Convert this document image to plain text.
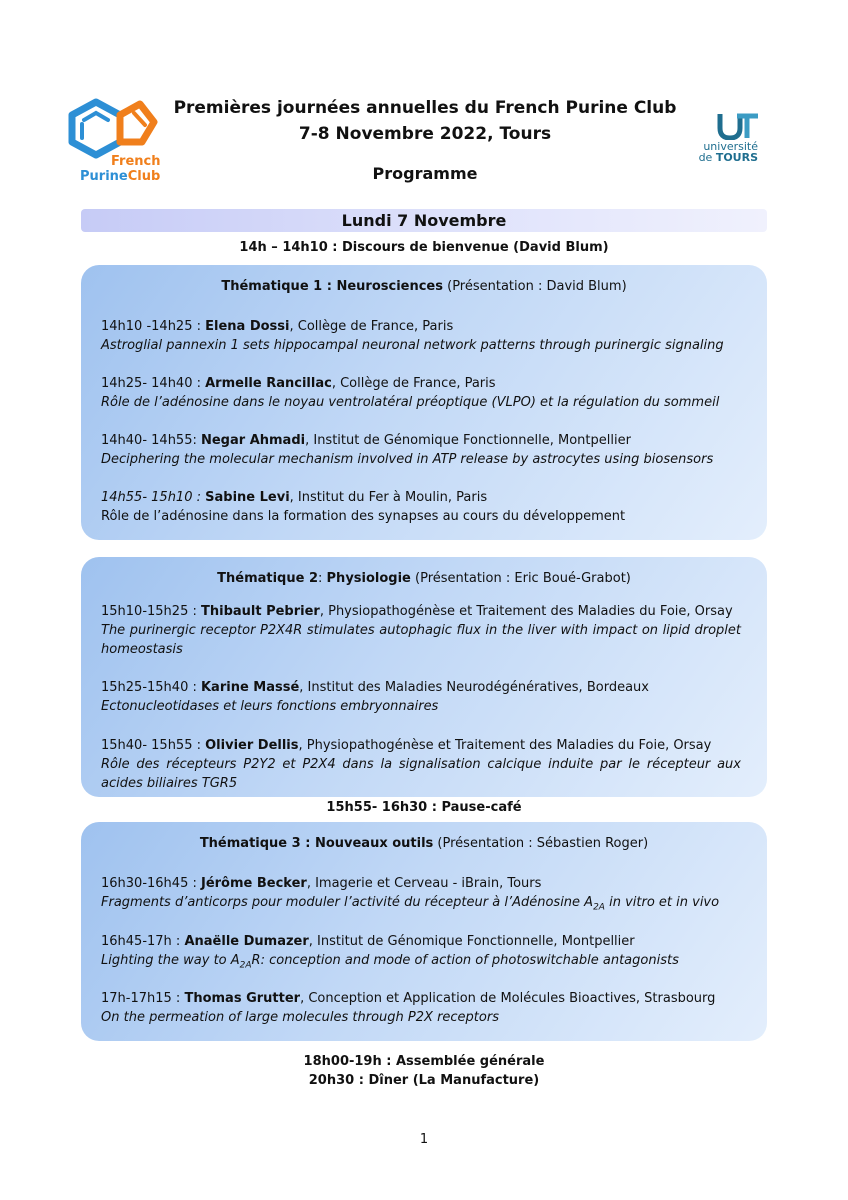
French
PurineClub
université
de TOURS
Premières journées annuelles du French Purine Club
7-8 Novembre 2022, Tours
Programme
Lundi 7 Novembre
14h – 14h10 : Discours de bienvenue (David Blum)
Thématique 1 : Neurosciences (Présentation : David Blum)
14h10 -14h25 : Elena Dossi, Collège de France, Paris
Astroglial pannexin 1 sets hippocampal neuronal network patterns through purinergic signaling
14h25- 14h40 : Armelle Rancillac, Collège de France, Paris
Rôle de l’adénosine dans le noyau ventrolatéral préoptique (VLPO) et la régulation du sommeil
14h40- 14h55: Negar Ahmadi, Institut de Génomique Fonctionnelle, Montpellier
Deciphering the molecular mechanism involved in ATP release by astrocytes using biosensors
14h55- 15h10 : Sabine Levi, Institut du Fer à Moulin, Paris
Rôle de l’adénosine dans la formation des synapses au cours du développement
Thématique 2: Physiologie (Présentation : Eric Boué-Grabot)
15h10-15h25 : Thibault Pebrier, Physiopathogénèse et Traitement des Maladies du Foie, Orsay
The purinergic receptor P2X4R stimulates autophagic flux in the liver with impact on lipid droplet homeostasis
15h25-15h40 : Karine Massé, Institut des Maladies Neurodégénératives, Bordeaux
Ectonucleotidases et leurs fonctions embryonnaires
15h40- 15h55 : Olivier Dellis, Physiopathogénèse et Traitement des Maladies du Foie, Orsay
Rôle des récepteurs P2Y2 et P2X4 dans la signalisation calcique induite par le récepteur aux acides biliaires TGR5
15h55- 16h30 : Pause-café
Thématique 3 : Nouveaux outils (Présentation : Sébastien Roger)
16h30-16h45 : Jérôme Becker, Imagerie et Cerveau - iBrain, Tours
Fragments d’anticorps pour moduler l’activité du récepteur à l’Adénosine $A_{2A}$ in vitro et in vivo
16h45-17h : Anaëlle Dumazer, Institut de Génomique Fonctionnelle, Montpellier
Lighting the way to $A_{2A}R$: conception and mode of action of photoswitchable antagonists
17h-17h15 : Thomas Grutter, Conception et Application de Molécules Bioactives, Strasbourg
On the permeation of large molecules through P2X receptors
18h00-19h : Assemblée générale
20h30 : Dîner (La Manufacture)
1
